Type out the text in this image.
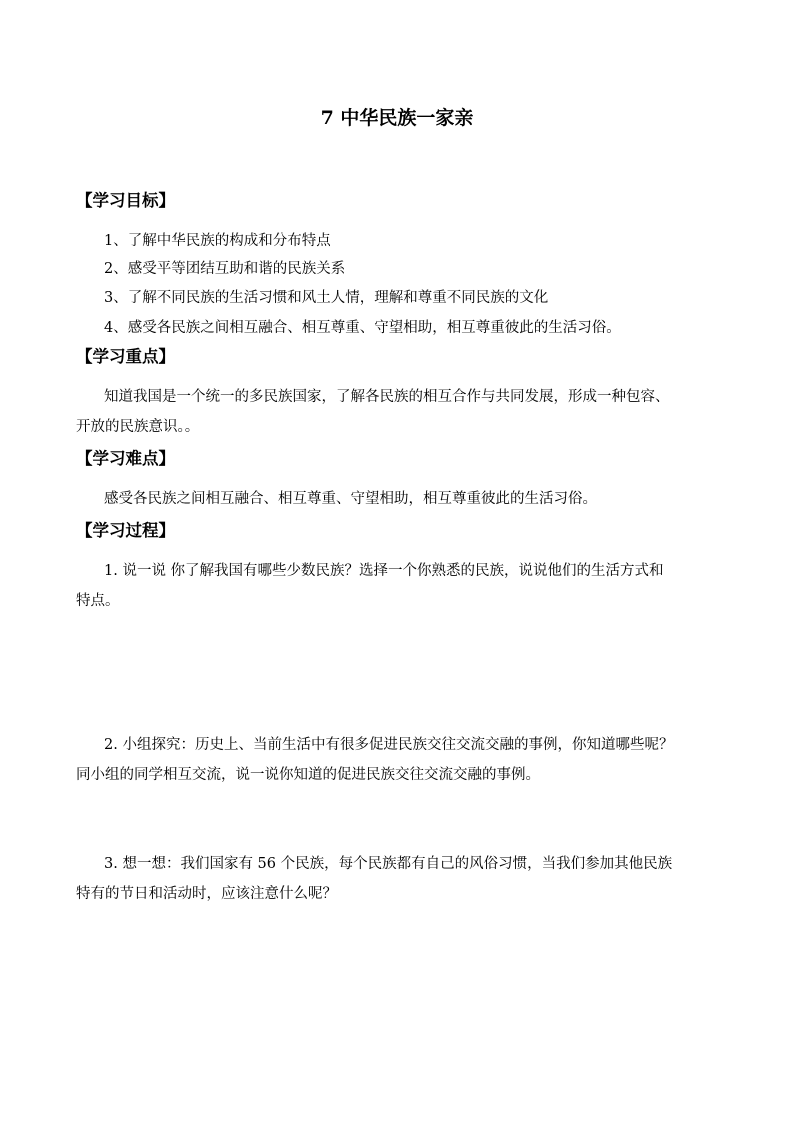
7 中华民族一家亲
【学习目标】
1、了解中华民族的构成和分布特点
2、感受平等团结互助和谐的民族关系
3、了解不同民族的生活习惯和风土人情，理解和尊重不同民族的文化
4、感受各民族之间相互融合、相互尊重、守望相助，相互尊重彼此的生活习俗。
【学习重点】
知道我国是一个统一的多民族国家，了解各民族的相互合作与共同发展，形成一种包容、
开放的民族意识。。
【学习难点】
感受各民族之间相互融合、相互尊重、守望相助，相互尊重彼此的生活习俗。
【学习过程】
1. 说一说 你了解我国有哪些少数民族？选择一个你熟悉的民族，说说他们的生活方式和
特点。
2. 小组探究：历史上、当前生活中有很多促进民族交往交流交融的事例，你知道哪些呢？
同小组的同学相互交流，说一说你知道的促进民族交往交流交融的事例。
3. 想一想：我们国家有 56 个民族，每个民族都有自己的风俗习惯，当我们参加其他民族
特有的节日和活动时，应该注意什么呢？
